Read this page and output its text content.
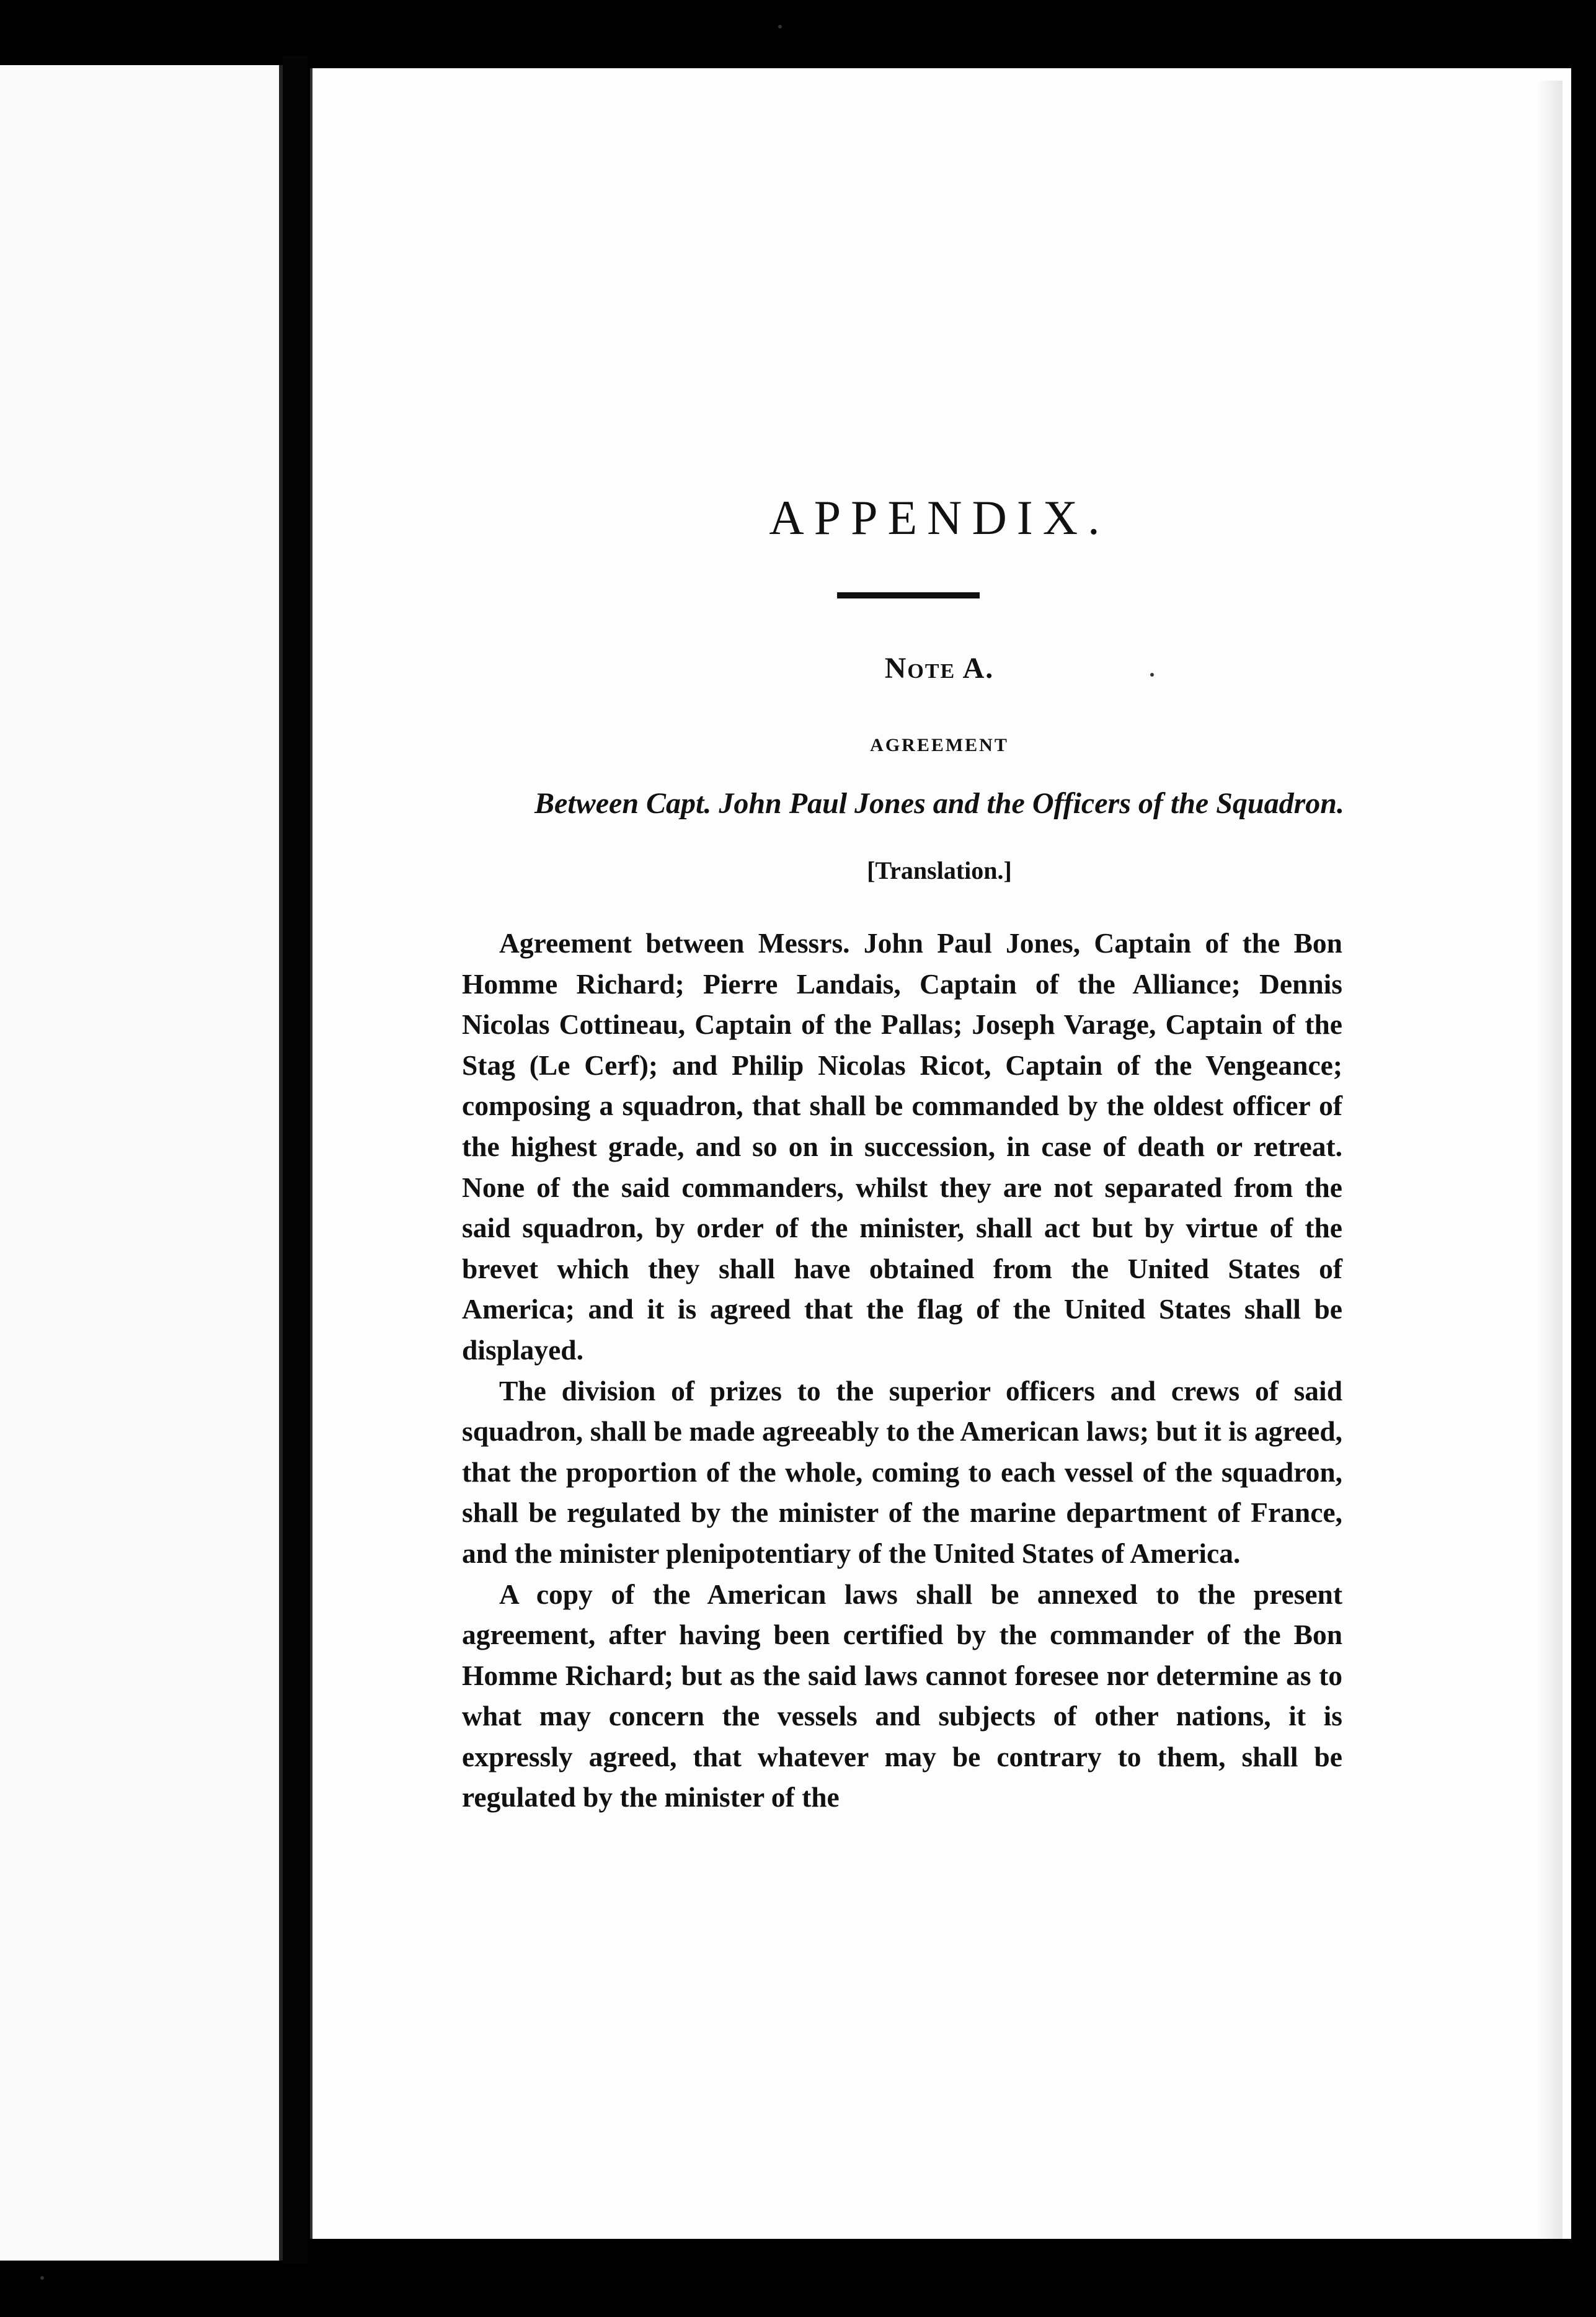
APPENDIX.
Note A.
AGREEMENT
Between Capt. John Paul Jones and the Officers of the Squadron.
[Translation.]

Agreement between Messrs. John Paul Jones, Captain of the Bon Homme Richard; Pierre Landais, Captain of the Alliance; Dennis Nicolas Cottineau, Captain of the Pallas; Joseph Varage, Captain of the Stag (Le Cerf); and Philip Nicolas Ricot, Captain of the Vengeance; composing a squadron, that shall be commanded by the oldest officer of the highest grade, and so on in succession, in case of death or retreat. None of the said commanders, whilst they are not separated from the said squadron, by order of the minister, shall act but by virtue of the brevet which they shall have obtained from the United States of America; and it is agreed that the flag of the United States shall be displayed.

The division of prizes to the superior officers and crews of said squadron, shall be made agreeably to the American laws; but it is agreed, that the proportion of the whole, coming to each vessel of the squadron, shall be regulated by the minister of the marine department of France, and the minister plenipotentiary of the United States of America.

A copy of the American laws shall be annexed to the present agreement, after having been certified by the commander of the Bon Homme Richard; but as the said laws cannot foresee nor determine as to what may concern the vessels and subjects of other nations, it is expressly agreed, that whatever may be contrary to them, shall be regulated by the minister of the
